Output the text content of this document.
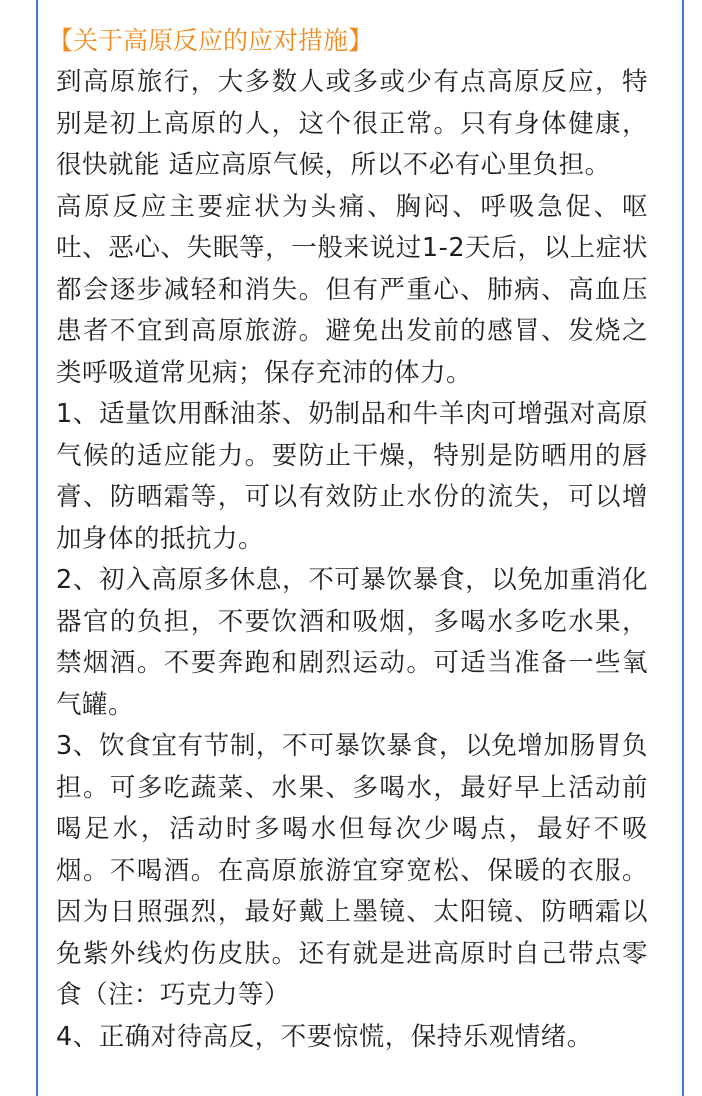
【关于高原反应的应对措施】

到高原旅行，大多数人或多或少有点高原反应，特别是初上高原的人，这个很正常。只有身体健康，很快就能 适应高原气候，所以不必有心里负担。

高原反应主要症状为头痛、胸闷、呼吸急促、呕吐、恶心、失眠等，一般来说过1-2天后，以上症状都会逐步减轻和消失。但有严重心、肺病、高血压患者不宜到高原旅游。避免出发前的感冒、发烧之类呼吸道常见病；保存充沛的体力。

1、适量饮用酥油茶、奶制品和牛羊肉可增强对高原气候的适应能力。要防止干燥，特别是防晒用的唇膏、防晒霜等，可以有效防止水份的流失，可以增加身体的抵抗力。

2、初入高原多休息，不可暴饮暴食，以免加重消化器官的负担，不要饮酒和吸烟，多喝水多吃水果，禁烟酒。不要奔跑和剧烈运动。可适当准备一些氧气罐。

3、饮食宜有节制，不可暴饮暴食，以免增加肠胃负担。可多吃蔬菜、水果、多喝水，最好早上活动前喝足水，活动时多喝水但每次少喝点，最好不吸烟。不喝酒。在高原旅游宜穿宽松、保暖的衣服。因为日照强烈，最好戴上墨镜、太阳镜、防晒霜以免紫外线灼伤皮肤。还有就是进高原时自己带点零食（注：巧克力等）

4、正确对待高反，不要惊慌，保持乐观情绪。
